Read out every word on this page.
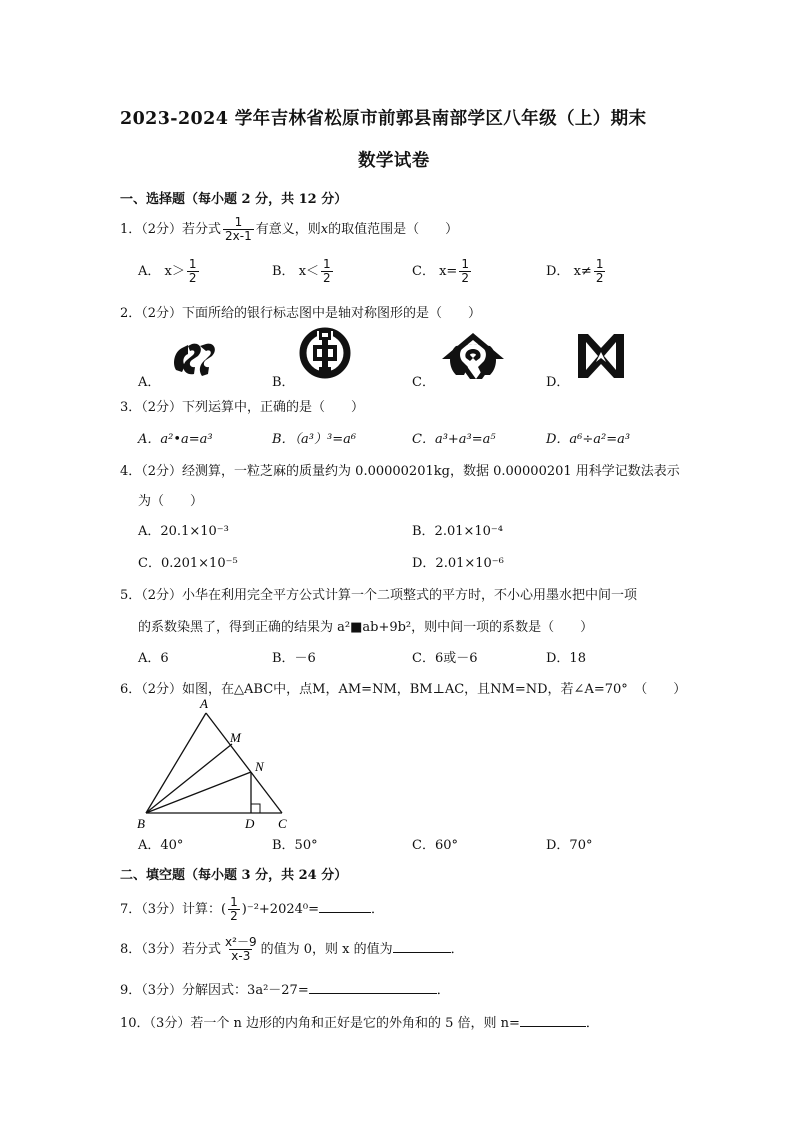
2023-2024 学年吉林省松原市前郭县南部学区八年级（上）期末
数学试卷
一、选择题（每小题 2 分，共 12 分）
1．（2分）若分式 $\frac{1}{2x-1}$ 有意义，则x的取值范围是（　　）
A． $x> \frac{1}{2}$	B． $x< \frac{1}{2}$	C． $x= \frac{1}{2}$	D． $x\ne \frac{1}{2}$
2．（2分）下面所给的银行标志图中是轴对称图形的是（　　）
A．	B．	C．	D．
3．（2分）下列运算中，正确的是（　　）
A．a²•a=a³	B．（a³）³=a⁶	C．a³+a³=a⁵	D．a⁶÷a²=a³
4．（2分）经测算，一粒芝麻的质量约为 0.00000201kg，数据 0.00000201 用科学记数法表示
为（　　）
A．20.1×10⁻³	B．2.01×10⁻⁴
C．0.201×10⁻⁵	D．2.01×10⁻⁶
5．（2分）小华在利用完全平方公式计算一个二项整式的平方时，不小心用墨水把中间一项
的系数染黑了，得到正确的结果为 a²■ab+9b²，则中间一项的系数是（　　）
A．6	B．－6	C．6或－6	D．18
6．（2分）如图，在△ABC中，点M，AM=NM，BM⊥AC，且NM=ND，若∠A=70°　（　　）
A
M
N
B	D C
A．40°	B．50°	C．60°	D．70°
二、填空题（每小题 3 分，共 24 分）
7．（3分）计算：( $\frac{1}{2} )^{-2}+2024^0=$	．
8．（3分）若分式 $\frac{\text{x²－9}}{x-3}$ 的值为 0，则 x 的值为	．
9．（3分）分解因式：3a²－27=	．
10．（3分）若一个 n 边形的内角和正好是它的外角和的 5 倍，则 n=	．
